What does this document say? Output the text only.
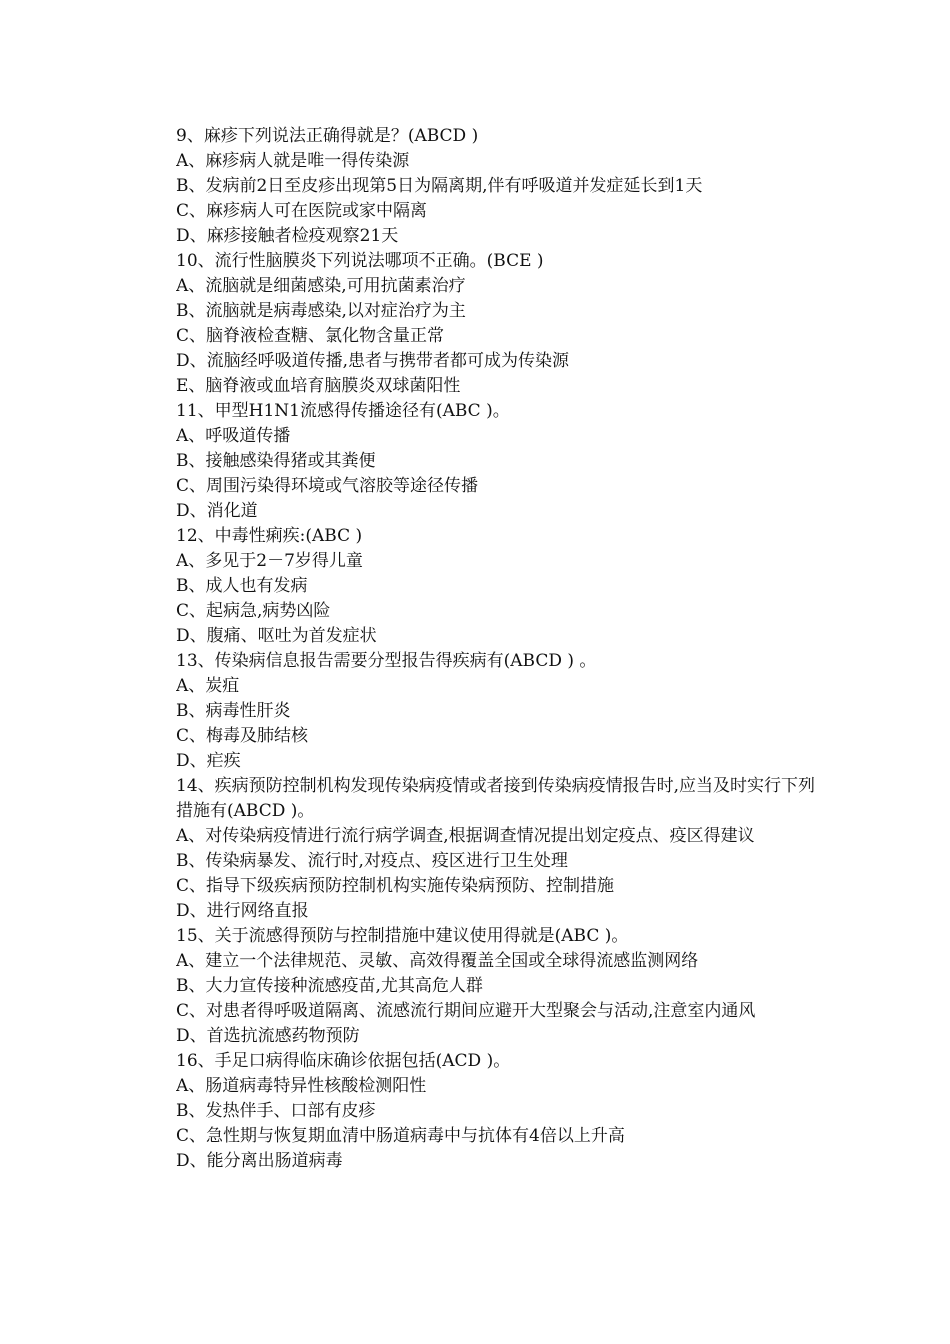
9、麻疹下列说法正确得就是？(ABCD )
A、麻疹病人就是唯一得传染源
B、发病前2日至皮疹出现第5日为隔离期,伴有呼吸道并发症延长到1天
C、麻疹病人可在医院或家中隔离
D、麻疹接触者检疫观察21天
10、流行性脑膜炎下列说法哪项不正确。(BCE )
A、流脑就是细菌感染,可用抗菌素治疗
B、流脑就是病毒感染,以对症治疗为主
C、脑脊液检查糖、氯化物含量正常
D、流脑经呼吸道传播,患者与携带者都可成为传染源
E、脑脊液或血培育脑膜炎双球菌阳性
11、甲型H1N1流感得传播途径有(ABC )。
A、呼吸道传播
B、接触感染得猪或其粪便
C、周围污染得环境或气溶胶等途径传播
D、消化道
12、中毒性痢疾:(ABC )
A、多见于2－7岁得儿童
B、成人也有发病
C、起病急,病势凶险
D、腹痛、呕吐为首发症状
13、传染病信息报告需要分型报告得疾病有(ABCD ) 。
A、炭疽
B、病毒性肝炎
C、梅毒及肺结核
D、疟疾
14、疾病预防控制机构发现传染病疫情或者接到传染病疫情报告时,应当及时实行下列措施有(ABCD )。
A、对传染病疫情进行流行病学调查,根据调查情况提出划定疫点、疫区得建议
B、传染病暴发、流行时,对疫点、疫区进行卫生处理
C、指导下级疾病预防控制机构实施传染病预防、控制措施
D、进行网络直报
15、关于流感得预防与控制措施中建议使用得就是(ABC )。
A、建立一个法律规范、灵敏、高效得覆盖全国或全球得流感监测网络
B、大力宣传接种流感疫苗,尤其高危人群
C、对患者得呼吸道隔离、流感流行期间应避开大型聚会与活动,注意室内通风
D、首选抗流感药物预防
16、手足口病得临床确诊依据包括(ACD )。
A、肠道病毒特异性核酸检测阳性
B、发热伴手、口部有皮疹
C、急性期与恢复期血清中肠道病毒中与抗体有4倍以上升高
D、能分离出肠道病毒
